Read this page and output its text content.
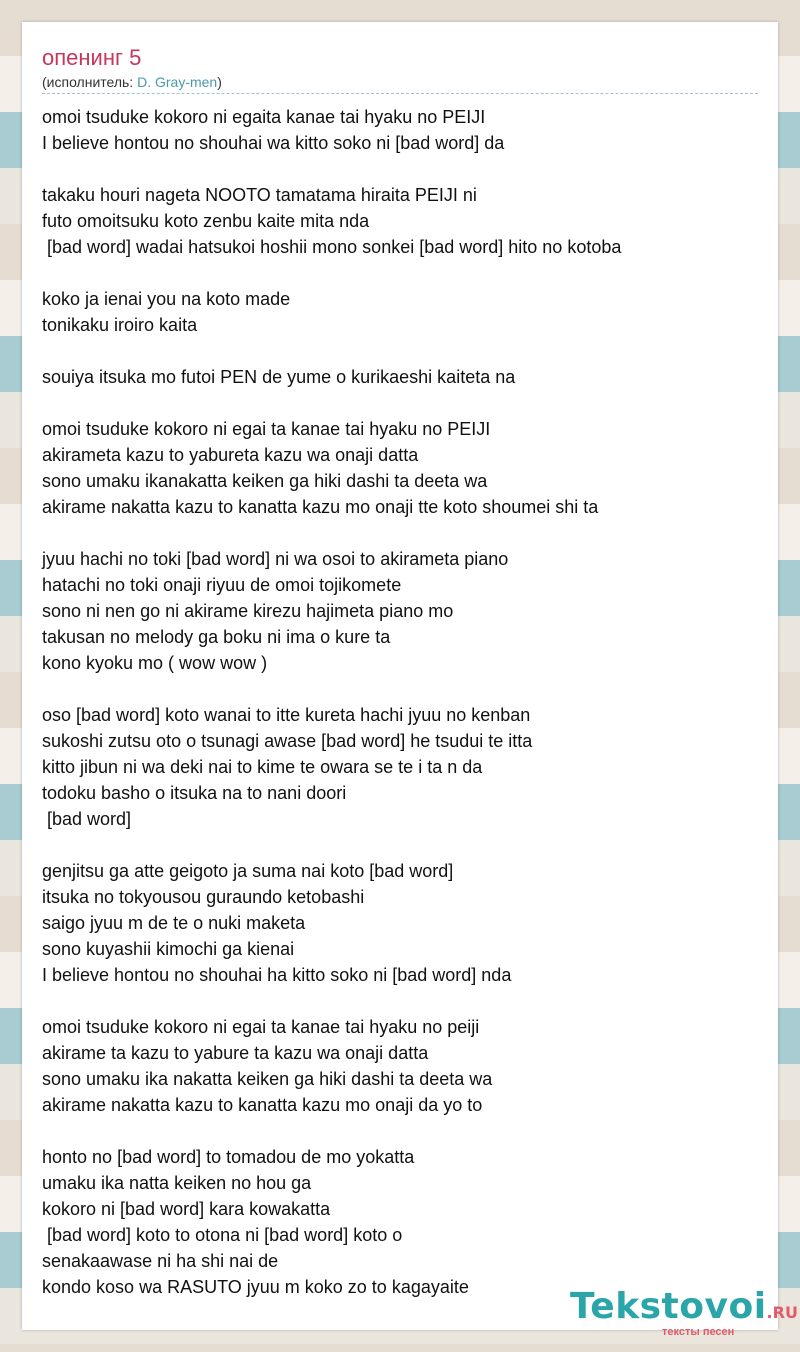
опенинг 5
(исполнитель: D. Gray-men)
omoi tsuduke kokoro ni egaita kanae tai hyaku no PEIJI
I believe hontou no shouhai wa kitto soko ni [bad word] da
takaku houri nageta NOOTO tamatama hiraita PEIJI ni
futo omoitsuku koto zenbu kaite mita nda
[bad word] wadai hatsukoi hoshii mono sonkei [bad word] hito no kotoba
koko ja ienai you na koto made
tonikaku iroiro kaita
souiya itsuka mo futoi PEN de yume o kurikaeshi kaiteta na
omoi tsuduke kokoro ni egai ta kanae tai hyaku no PEIJI
akirameta kazu to yabureta kazu wa onaji datta
sono umaku ikanakatta keiken ga hiki dashi ta deeta wa
akirame nakatta kazu to kanatta kazu mo onaji tte koto shoumei shi ta
jyuu hachi no toki [bad word] ni wa osoi to akirameta piano
hatachi no toki onaji riyuu de omoi tojikomete
sono ni nen go ni akirame kirezu hajimeta piano mo
takusan no melody ga boku ni ima o kure ta
kono kyoku mo ( wow wow )
oso [bad word] koto wanai to itte kureta hachi jyuu no kenban
sukoshi zutsu oto o tsunagi awase [bad word] he tsudui te itta
kitto jibun ni wa deki nai to kime te owara se te i ta n da
todoku basho o itsuka na to nani doori
[bad word]
genjitsu ga atte geigoto ja suma nai koto [bad word]
itsuka no tokyousou guraundo ketobashi
saigo jyuu m de te o nuki maketa
sono kuyashii kimochi ga kienai
I believe hontou no shouhai ha kitto soko ni [bad word] nda
omoi tsuduke kokoro ni egai ta kanae tai hyaku no peiji
akirame ta kazu to yabure ta kazu wa onaji datta
sono umaku ika nakatta keiken ga hiki dashi ta deeta wa
akirame nakatta kazu to kanatta kazu mo onaji da yo to
honto no [bad word] to tomadou de mo yokatta
umaku ika natta keiken no hou ga
kokoro ni [bad word] kara kowakatta
[bad word] koto to otona ni [bad word] koto o
senakaawase ni ha shi nai de
kondo koso wa RASUTO jyuu m koko zo to kagayaite	Tekstovoi.RU
тексты песен
